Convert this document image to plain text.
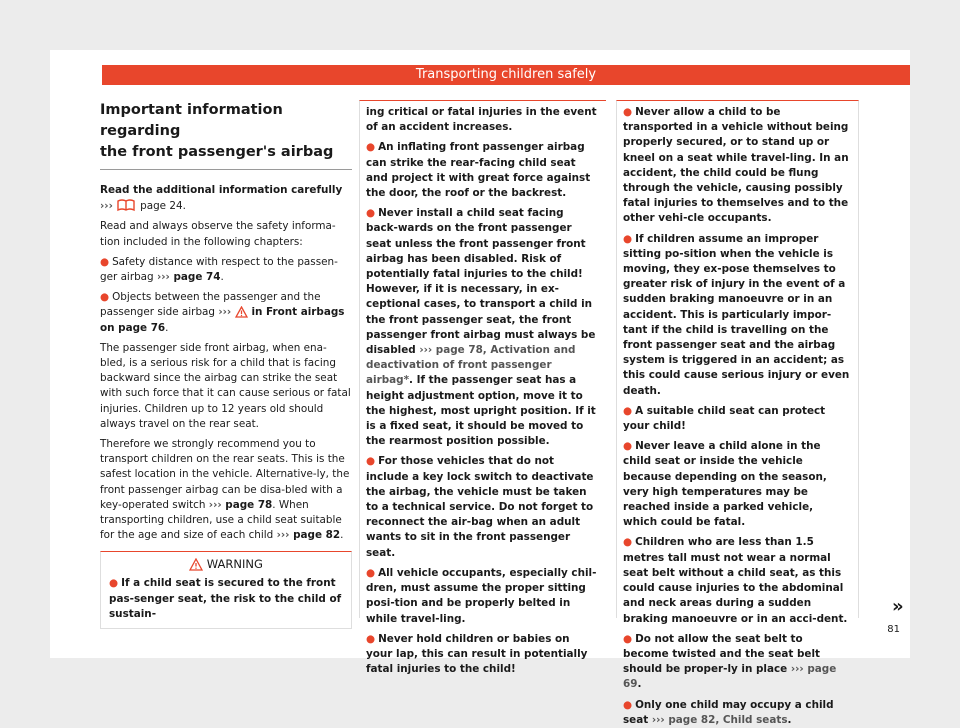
Transporting children safely
Important information regarding
the front passenger's airbag

Read the additional information carefully
›››	page 24.

Read and always observe the safety informa-tion included in the following chapters:

● Safety distance with respect to the passen-ger airbag ››› page 74.

● Objects between the passenger and the passenger side airbag ››› in Front airbags on page 76.

The passenger side front airbag, when ena-bled, is a serious risk for a child that is facing backward since the airbag can strike the seat with such force that it can cause serious or fatal injuries. Children up to 12 years old should always travel on the rear seat.

Therefore we strongly recommend you to transport children on the rear seats. This is the safest location in the vehicle. Alternative-ly, the front passenger airbag can be disa-bled with a key-operated switch ››› page 78. When transporting children, use a child seat suitable for the age and size of each child ››› page 82.

WARNING

● If a child seat is secured to the front pas-senger seat, the risk to the child of sustain-

ing critical or fatal injuries in the event of an accident increases.

● An inflating front passenger airbag can strike the rear-facing child seat and project it with great force against the door, the roof or the backrest.

● Never install a child seat facing back-wards on the front passenger seat unless the front passenger front airbag has been disabled. Risk of potentially fatal injuries to the child! However, if it is necessary, in ex-ceptional cases, to transport a child in the front passenger seat, the front passenger front airbag must always be disabled ››› page 78, Activation and deactivation of front passenger airbag*. If the passenger seat has a height adjustment option, move it to the highest, most upright position. If it is a fixed seat, it should be moved to the rearmost position possible.

● For those vehicles that do not include a key lock switch to deactivate the airbag, the vehicle must be taken to a technical service. Do not forget to reconnect the air-bag when an adult wants to sit in the front passenger seat.

● All vehicle occupants, especially chil-dren, must assume the proper sitting posi-tion and be properly belted in while travel-ling.

● Never hold children or babies on your lap, this can result in potentially fatal injuries to the child!

● Never allow a child to be transported in a vehicle without being properly secured, or to stand up or kneel on a seat while travel-ling. In an accident, the child could be flung through the vehicle, causing possibly fatal injuries to themselves and to the other vehi-cle occupants.

● If children assume an improper sitting po-sition when the vehicle is moving, they ex-pose themselves to greater risk of injury in the event of a sudden braking manoeuvre or in an accident. This is particularly impor-tant if the child is travelling on the front passenger seat and the airbag system is triggered in an accident; as this could cause serious injury or even death.

● A suitable child seat can protect your child!

● Never leave a child alone in the child seat or inside the vehicle because depending on the season, very high temperatures may be reached inside a parked vehicle, which could be fatal.

● Children who are less than 1.5 metres tall must not wear a normal seat belt without a child seat, as this could cause injuries to the abdominal and neck areas during a sudden braking manoeuvre or in an acci-dent.

● Do not allow the seat belt to become twisted and the seat belt should be proper-ly in place ››› page 69.

● Only one child may occupy a child seat ››› page 82, Child seats.

»
81
